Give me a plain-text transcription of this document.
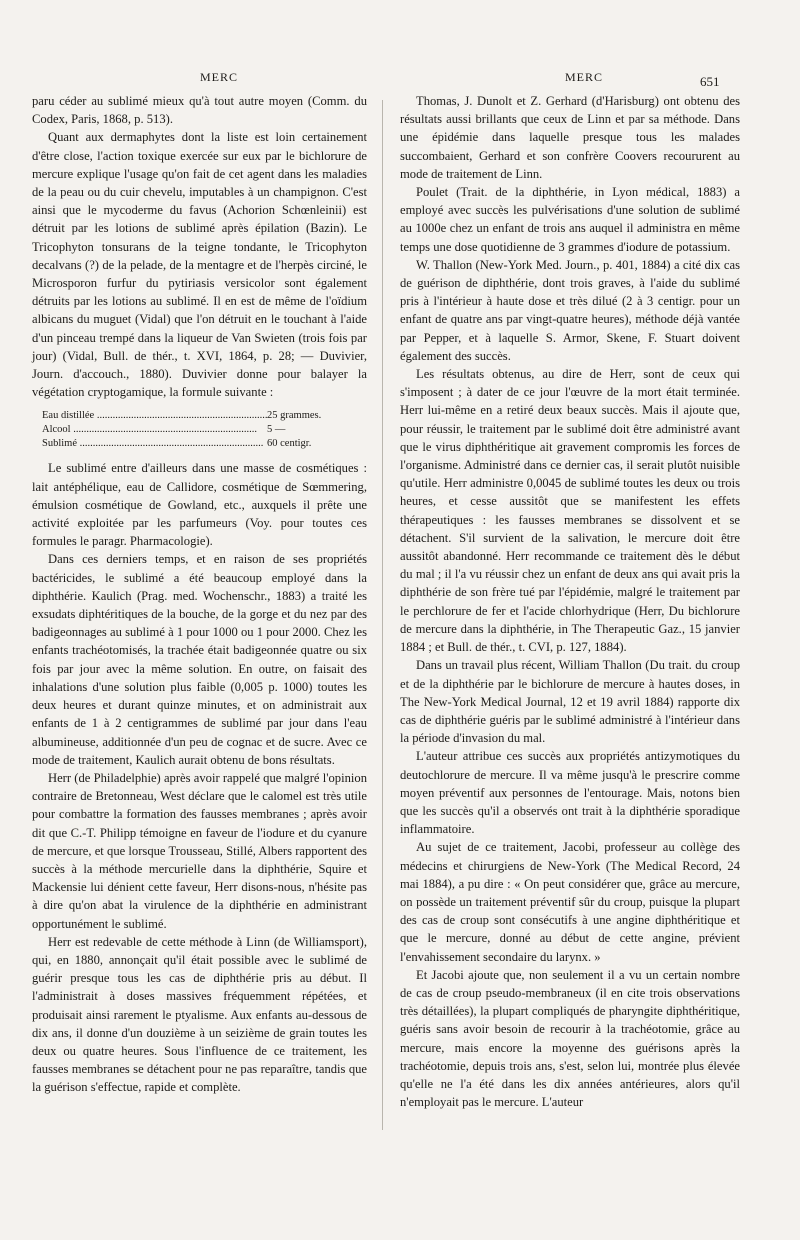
MERC	MERC	651

paru céder au sublimé mieux qu'à tout autre moyen (Comm. du Codex, Paris, 1868, p. 513).

Quant aux dermaphytes dont la liste est loin certainement d'être close, l'action toxique exercée sur eux par le bichlorure de mercure explique l'usage qu'on fait de cet agent dans les maladies de la peau ou du cuir chevelu, imputables à un champignon. C'est ainsi que le mycoderme du favus (Achorion Schœnleinii) est détruit par les lotions de sublimé après épilation (Bazin). Le Tricophyton tonsurans de la teigne tondante, le Tricophyton decalvans (?) de la pelade, de la mentagre et de l'herpès circiné, le Microsporon furfur du pytiriasis versicolor sont également détruits par les lotions au sublimé. Il en est de même de l'oïdium albicans du muguet (Vidal) que l'on détruit en le touchant à l'aide d'un pinceau trempé dans la liqueur de Van Swieten (trois fois par jour) (Vidal, Bull. de thér., t. XVI, 1864, p. 28; — Duvivier, Journ. d'accouch., 1880). Duvivier donne pour balayer la végétation cryptogamique, la formule suivante :

Eau distillée .....	25 grammes.
Alcool .....	5 —
Sublimé .....	60 centigr.

Le sublimé entre d'ailleurs dans une masse de cosmétiques : lait antéphélique, eau de Callidore, cosmétique de Sœmmering, émulsion cosmétique de Gowland, etc., auxquels il prête une activité exploitée par les parfumeurs (Voy. pour toutes ces formules le paragr. Pharmacologie).

Dans ces derniers temps, et en raison de ses propriétés bactéricides, le sublimé a été beaucoup employé dans la diphthérie. Kaulich (Prag. med. Wochenschr., 1883) a traité les exsudats diphtéritiques de la bouche, de la gorge et du nez par des badigeonnages au sublimé à 1 pour 1000 ou 1 pour 2000. Chez les enfants trachéotomisés, la trachée était badigeonnée quatre ou six fois par jour avec la même solution. En outre, on faisait des inhalations d'une solution plus faible (0,005 p. 1000) toutes les deux heures et durant quinze minutes, et on administrait aux enfants de 1 à 2 centigrammes de sublimé par jour dans l'eau albumineuse, additionnée d'un peu de cognac et de sucre. Avec ce mode de traitement, Kaulich aurait obtenu de bons résultats.

Herr (de Philadelphie) après avoir rappelé que malgré l'opinion contraire de Bretonneau, West déclare que le calomel est très utile pour combattre la formation des fausses membranes ; après avoir dit que C.-T. Philipp témoigne en faveur de l'iodure et du cyanure de mercure, et que lorsque Trousseau, Stillé, Albers rapportent des succès à la méthode mercurielle dans la diphthérie, Squire et Mackensie lui dénient cette faveur, Herr disons-nous, n'hésite pas à dire qu'on abat la virulence de la diphthérie en administrant opportunément le sublimé.

Herr est redevable de cette méthode à Linn (de Williamsport), qui, en 1880, annonçait qu'il était possible avec le sublimé de guérir presque tous les cas de diphthérie pris au début. Il l'administrait à doses massives fréquemment répétées, et produisait ainsi rarement le ptyalisme. Aux enfants au-dessous de dix ans, il donne d'un douzième à un seizième de grain toutes les deux ou quatre heures. Sous l'influence de ce traitement, les fausses membranes se détachent pour ne pas reparaître, tandis que la guérison s'effectue, rapide et complète.

Thomas, J. Dunolt et Z. Gerhard (d'Harisburg) ont obtenu des résultats aussi brillants que ceux de Linn et par sa méthode. Dans une épidémie dans laquelle presque tous les malades succombaient, Gerhard et son confrère Coovers recoururent au mode de traitement de Linn.

Poulet (Trait. de la diphthérie, in Lyon médical, 1883) a employé avec succès les pulvérisations d'une solution de sublimé au 1000e chez un enfant de trois ans auquel il administra en même temps une dose quotidienne de 3 grammes d'iodure de potassium.

W. Thallon (New-York Med. Journ., p. 401, 1884) a cité dix cas de guérison de diphthérie, dont trois graves, à l'aide du sublimé pris à l'intérieur à haute dose et très dilué (2 à 3 centigr. pour un enfant de quatre ans par vingt-quatre heures), méthode déjà vantée par Pepper, et à laquelle S. Armor, Skene, F. Stuart doivent également des succès.

Les résultats obtenus, au dire de Herr, sont de ceux qui s'imposent ; à dater de ce jour l'œuvre de la mort était terminée. Herr lui-même en a retiré deux beaux succès. Mais il ajoute que, pour réussir, le traitement par le sublimé doit être administré avant que le virus diphthéritique ait gravement compromis les forces de l'organisme. Administré dans ce dernier cas, il serait plutôt nuisible qu'utile. Herr administre 0,0045 de sublimé toutes les deux ou trois heures, et cesse aussitôt que se manifestent les effets thérapeutiques : les fausses membranes se dissolvent et se détachent. S'il survient de la salivation, le mercure doit être aussitôt abandonné. Herr recommande ce traitement dès le début du mal ; il l'a vu réussir chez un enfant de deux ans qui avait pris la diphthérie de son frère tué par l'épidémie, malgré le traitement par le perchlorure de fer et l'acide chlorhydrique (Herr, Du bichlorure de mercure dans la diphthérie, in The Therapeutic Gaz., 15 janvier 1884 ; et Bull. de thér., t. CVI, p. 127, 1884).

Dans un travail plus récent, William Thallon (Du trait. du croup et de la diphthérie par le bichlorure de mercure à hautes doses, in The New-York Medical Journal, 12 et 19 avril 1884) rapporte dix cas de diphthérie guéris par le sublimé administré à l'intérieur dans la période d'invasion du mal.

L'auteur attribue ces succès aux propriétés antizymotiques du deutochlorure de mercure. Il va même jusqu'à le prescrire comme moyen préventif aux personnes de l'entourage. Mais, notons bien que les succès qu'il a observés ont trait à la diphthérie sporadique inflammatoire.

Au sujet de ce traitement, Jacobi, professeur au collège des médecins et chirurgiens de New-York (The Medical Record, 24 mai 1884), a pu dire : « On peut considérer que, grâce au mercure, on possède un traitement préventif sûr du croup, puisque la plupart des cas de croup sont consécutifs à une angine diphthéritique et que le mercure, donné au début de cette angine, prévient l'envahissement secondaire du larynx. »

Et Jacobi ajoute que, non seulement il a vu un certain nombre de cas de croup pseudo-membraneux (il en cite trois observations très détaillées), la plupart compliqués de pharyngite diphthéritique, guéris sans avoir besoin de recourir à la trachéotomie, grâce au mercure, mais encore la moyenne des guérisons après la trachéotomie, depuis trois ans, s'est, selon lui, montrée plus élevée qu'elle ne l'a été dans les dix années antérieures, alors qu'il n'employait pas le mercure. L'auteur
